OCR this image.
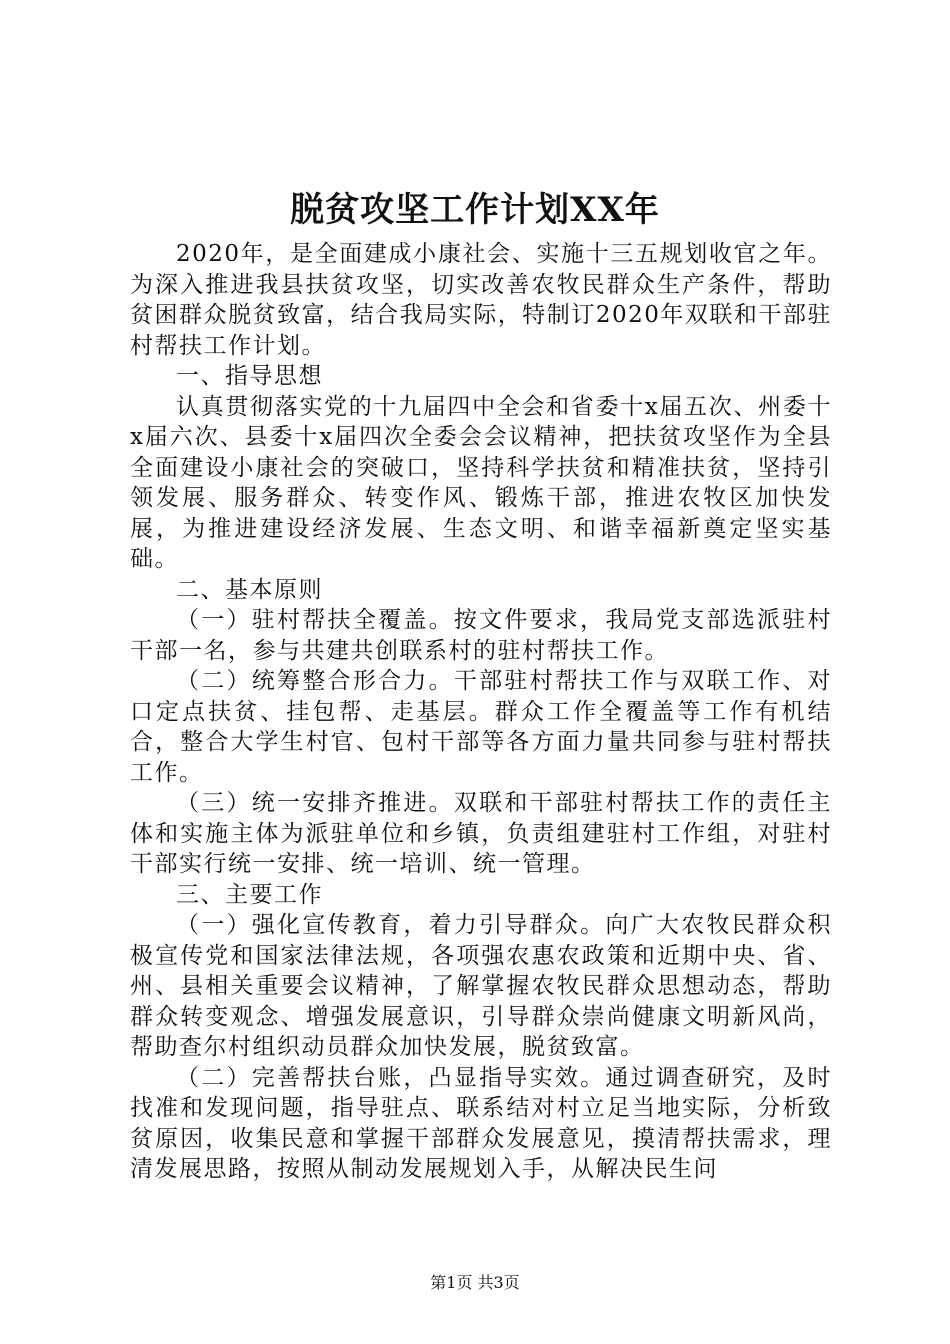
脱贫攻坚工作计划XX年

2020年，是全面建成小康社会、实施十三五规划收官之年。为深入推进我县扶贫攻坚，切实改善农牧民群众生产条件，帮助贫困群众脱贫致富，结合我局实际，特制订2020年双联和干部驻村帮扶工作计划。

一、指导思想

认真贯彻落实党的十九届四中全会和省委十x届五次、州委十x届六次、县委十x届四次全委会会议精神，把扶贫攻坚作为全县全面建设小康社会的突破口，坚持科学扶贫和精准扶贫，坚持引领发展、服务群众、转变作风、锻炼干部，推进农牧区加快发展，为推进建设经济发展、生态文明、和谐幸福新奠定坚实基础。

二、基本原则

（一）驻村帮扶全覆盖。按文件要求，我局党支部选派驻村干部一名，参与共建共创联系村的驻村帮扶工作。

（二）统筹整合形合力。干部驻村帮扶工作与双联工作、对口定点扶贫、挂包帮、走基层。群众工作全覆盖等工作有机结合，整合大学生村官、包村干部等各方面力量共同参与驻村帮扶工作。

（三）统一安排齐推进。双联和干部驻村帮扶工作的责任主体和实施主体为派驻单位和乡镇，负责组建驻村工作组，对驻村干部实行统一安排、统一培训、统一管理。

三、主要工作

（一）强化宣传教育，着力引导群众。向广大农牧民群众积极宣传党和国家法律法规，各项强农惠农政策和近期中央、省、州、县相关重要会议精神，了解掌握农牧民群众思想动态，帮助群众转变观念、增强发展意识，引导群众崇尚健康文明新风尚，帮助查尔村组织动员群众加快发展，脱贫致富。

（二）完善帮扶台账，凸显指导实效。通过调查研究，及时找准和发现问题，指导驻点、联系结对村立足当地实际，分析致贫原因，收集民意和掌握干部群众发展意见，摸清帮扶需求，理清发展思路，按照从制动发展规划入手，从解决民生问

第1页 共3页
